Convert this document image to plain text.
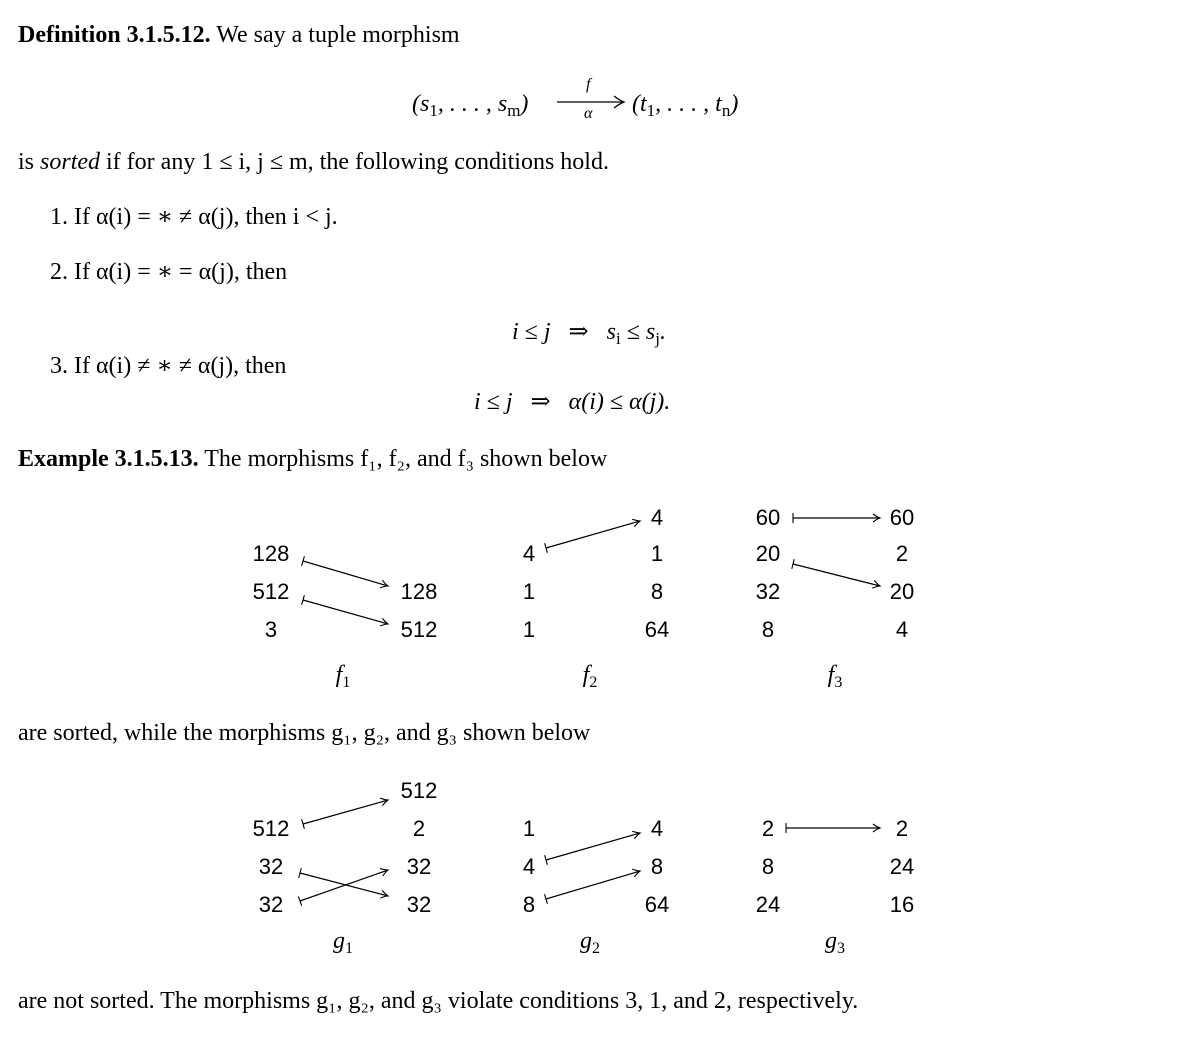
Definition 3.1.5.12. We say a tuple morphism
($s_1$, . . . , $s_m$)
f
α ($t_1$, . . . , $t_n$)
is sorted if for any 1 ≤ i, j ≤ m, the following conditions hold.
1. If α(i) = ∗ ≠ α(j), then i < j.
2. If α(i) = ∗ = α(j), then

i ≤ j   ⇒   $s_i \le s_j$.

3. If α(i) ≠ ∗ ≠ α(j), then
i ≤ j   ⇒   α(i) ≤ α(j).
Example 3.1.5.13. The morphisms f₁, f₂, and f₃ shown below
are sorted, while the morphisms g₁, g₂, and g₃ shown below
are not sorted. The morphisms g₁, g₂, and g₃ violate conditions 3, 1, and 2, respectively.
128
512
3
128
512
$f_1$
4
1
1
4
1
8
64
$f_2$
60
20
32
8
60
2
20
4
$f_3$
512
32
32
512
2
32
32
$g_1$
1
4
8
4
8
64
$g_2$
2
8
24
2
24
16
$g_3$
